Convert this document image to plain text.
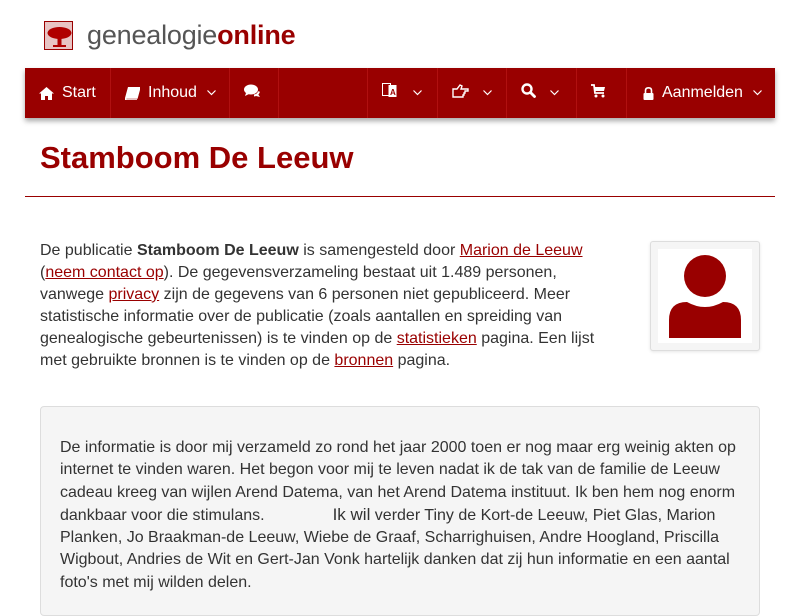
genealogieonline
Start	Inhoud	A	Aanmelden
Stamboom De Leeuw

De publicatie Stamboom De Leeuw is samengesteld door Marion de Leeuw (neem contact op). De gegevensverzameling bestaat uit 1.489 personen, vanwege privacy zijn de gegevens van 6 personen niet gepubliceerd. Meer statistische informatie over de publicatie (zoals aantallen en spreiding van genealogische gebeurtenissen) is te vinden op de statistieken pagina. Een lijst met gebruikte bronnen is te vinden op de bronnen pagina.

De informatie is door mij verzameld zo rond het jaar 2000 toen er nog maar erg weinig akten op internet te vinden waren. Het begon voor mij te leven nadat ik de tak van de familie de Leeuw cadeau kreeg van wijlen Arend Datema, van het Arend Datema instituut. Ik ben hem nog enorm dankbaar voor die stimulans.	Ik wil verder Tiny de Kort-de Leeuw, Piet Glas, Marion Planken, Jo Braakman-de Leeuw, Wiebe de Graaf, Scharrighuisen, Andre Hoogland, Priscilla Wigbout, Andries de Wit en Gert-Jan Vonk hartelijk danken dat zij hun informatie en een aantal foto's met mij wilden delen.
